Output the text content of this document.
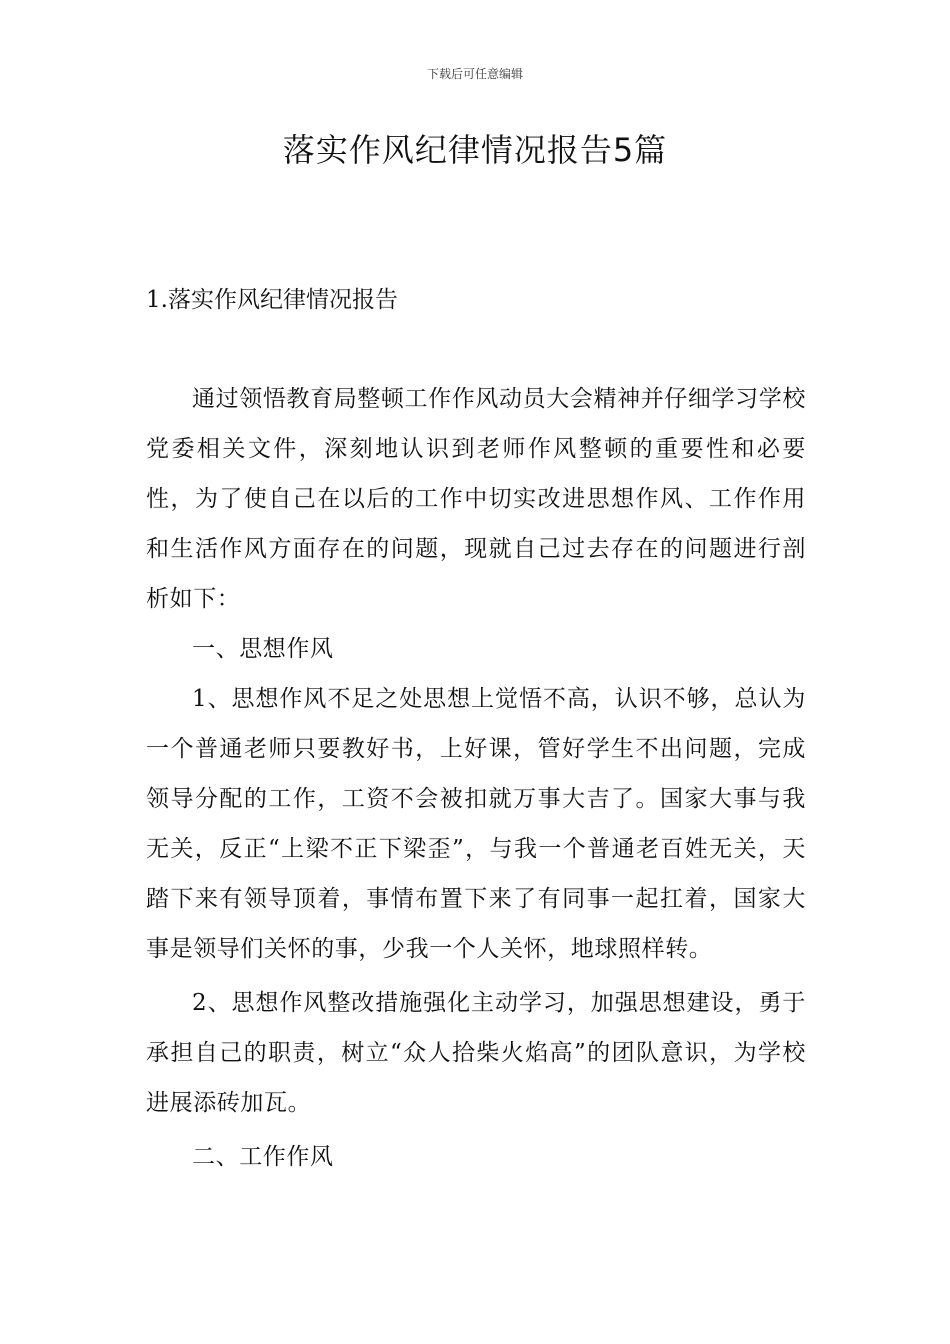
下载后可任意编辑
落实作风纪律情况报告5篇
1.落实作风纪律情况报告

通过领悟教育局整顿工作作风动员大会精神并仔细学习学校党委相关文件，深刻地认识到老师作风整顿的重要性和必要性，为了使自己在以后的工作中切实改进思想作风、工作作用和生活作风方面存在的问题，现就自己过去存在的问题进行剖析如下：

一、思想作风

1、思想作风不足之处思想上觉悟不高，认识不够，总认为一个普通老师只要教好书，上好课，管好学生不出问题，完成领导分配的工作，工资不会被扣就万事大吉了。国家大事与我无关，反正“上梁不正下梁歪”，与我一个普通老百姓无关，天踏下来有领导顶着，事情布置下来了有同事一起扛着，国家大事是领导们关怀的事，少我一个人关怀，地球照样转。

2、思想作风整改措施强化主动学习，加强思想建设，勇于承担自己的职责，树立“众人拾柴火焰高”的团队意识，为学校进展添砖加瓦。

二、工作作风
